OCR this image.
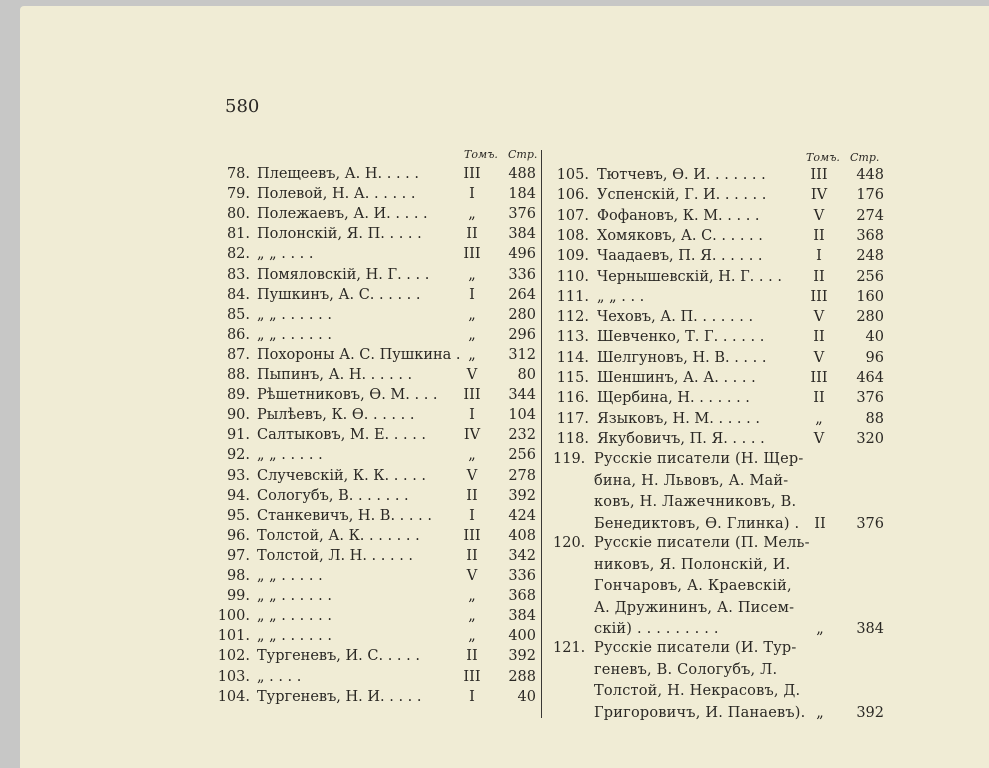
580
Томъ. Стр.	Томъ. Стр.
78. Плещеевъ, А. Н. . . . .	III	488
79. Полевой, Н. А. . . . . .	I	184
80. Полежаевъ, А. И. . . . .	„	376
81. Полонскій, Я. П. . . . .	II	384
82. „ „ . . . .	III	496
83. Помяловскій, Н. Г. . . .	„	336
84. Пушкинъ, А. С. . . . . .	I	264
85. „ „ . . . . . .	„	280
86. „ „ . . . . . .	„	296
87. Похороны А. С. Пушкина . „	312
88. Пыпинъ, А. Н. . . . . .	V	80
89. Рѣшетниковъ, Ѳ. М. . . .	III	344
90. Рылѣевъ, К. Ѳ. . . . . .	I	104
91. Салтыковъ, М. Е. . . . .	IV	232
92. „ „ . . . . .	„	256
93. Случевскій, К. К. . . . .	V	278
94. Сологубъ, В. . . . . . .	II	392
95. Станкевичъ, Н. В. . . . .	I	424
96. Толстой, А. К. . . . . . .	III	408
97. Толстой, Л. Н. . . . . .	II	342
98. „ „ . . . . .	V	336
99. „ „ . . . . . .	„	368
100. „ „ . . . . . .	„	384
101. „ „ . . . . . .	„	400
102. Тургеневъ, И. С. . . . .	II	392
103. „ . . . .	III	288
104. Тургеневъ, Н. И. . . . .	I	40
105. Тютчевъ, Ѳ. И. . . . . . .	III	448
106. Успенскій, Г. И. . . . . .	IV	176
107. Фофановъ, К. М. . . . .	V	274
108. Хомяковъ, А. С. . . . . .	II	368
109. Чаадаевъ, П. Я. . . . . .	I	248
110. Чернышевскій, Н. Г. . . .	II	256
111. „ „ . . .	III	160
112. Чеховъ, А. П. . . . . . .	V	280
113. Шевченко, Т. Г. . . . . .	II	40
114. Шелгуновъ, Н. В. . . . .	V	96
115. Шеншинъ, А. А. . . . .	III	464
116. Щербина, Н. . . . . . .	II	376
117. Языковъ, Н. М. . . . . .	„	88
118. Якубовичъ, П. Я. . . . .	V	320
119. Русскіе писатели (Н. Щер-
бина, Н. Львовъ, А. Май-
ковъ, Н. Лажечниковъ, В.
Бенедиктовъ, Ѳ. Глинка) . II	376
120. Русскіе писатели (П. Мель-
никовъ, Я. Полонскій, И.
Гончаровъ, А. Краевскій,
А. Дружининъ, А. Писем-
скій) . . . . . . . . .	„	384
121. Русскіе писатели (И. Тур-
геневъ, В. Сологубъ, Л.
Толстой, Н. Некрасовъ, Д.
Григоровичъ, И. Панаевъ). „	392
